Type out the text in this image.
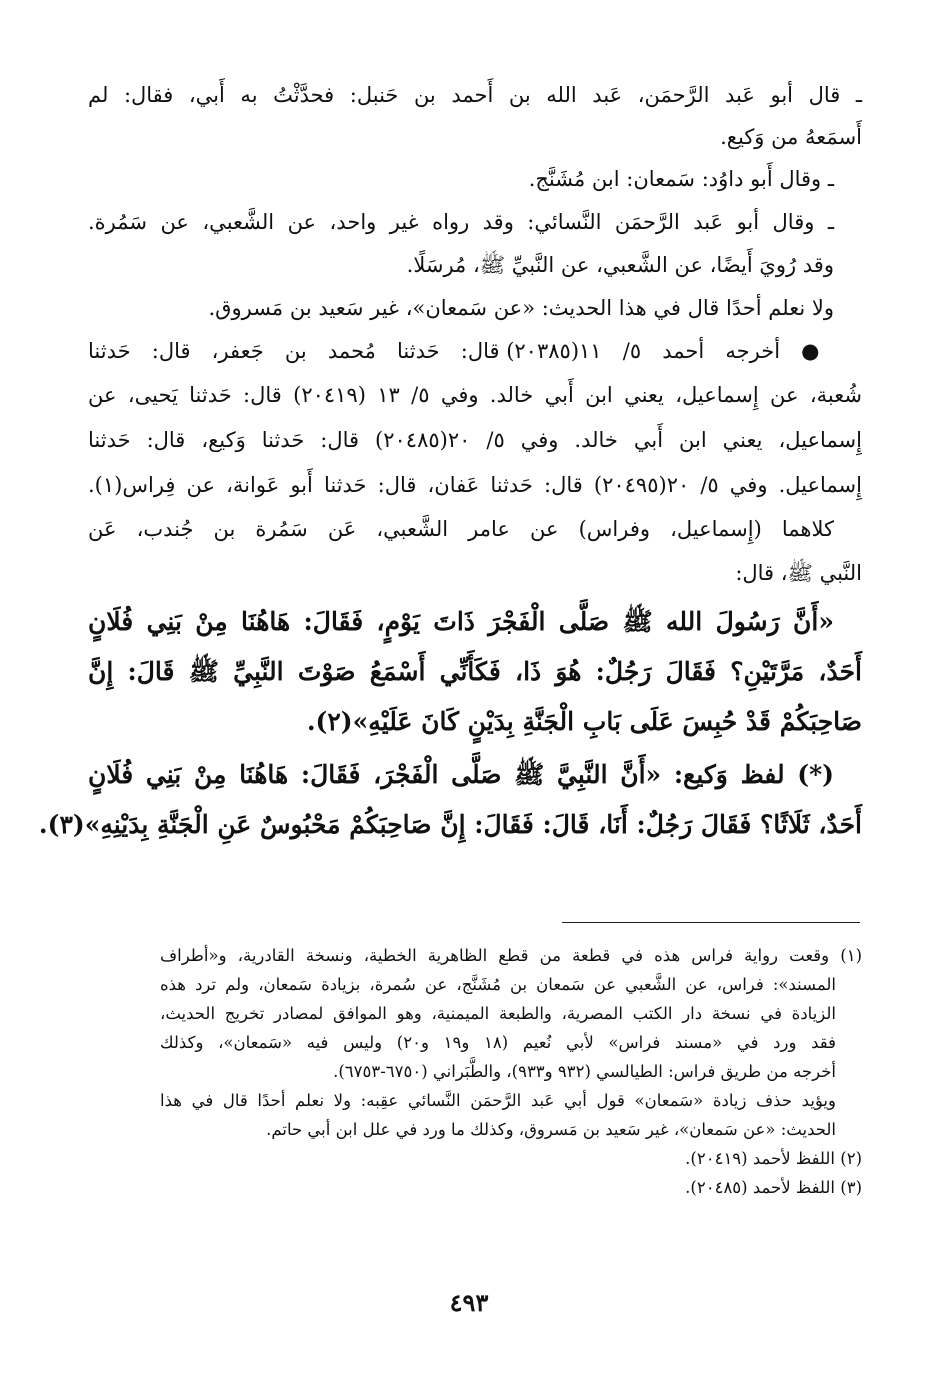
ـ قال أبو عَبد الرَّحمَن، عَبد الله بن أَحمد بن حَنبل: فحدَّثْتُ به أَبي، فقال: لم
أَسمَعهُ من وَكيع.
ـ وقال أَبو داوُد: سَمعان: ابن مُشَنَّج.
ـ وقال أبو عَبد الرَّحمَن النَّسائي: وقد رواه غير واحد، عن الشَّعبي، عن سَمُرة.
وقد رُويَ أَيضًا، عن الشَّعبي، عن النَّبيِّ ﷺ، مُرسَلًا.
ولا نعلم أحدًا قال في هذا الحديث: «عن سَمعان»، غير سَعيد بن مَسروق.
● أخرجه أحمد ٥/ ١١(٢٠٣٨٥) قال: حَدثنا مُحمد بن جَعفر، قال: حَدثنا
شُعبة، عن إِسماعيل، يعني ابن أَبي خالد. وفي ٥/ ١٣ (٢٠٤١٩) قال: حَدثنا يَحيى، عن
إِسماعيل، يعني ابن أَبي خالد. وفي ٥/ ٢٠(٢٠٤٨٥) قال: حَدثنا وَكيع، قال: حَدثنا
إِسماعيل. وفي ٥/ ٢٠(٢٠٤٩٥) قال: حَدثنا عَفان، قال: حَدثنا أَبو عَوانة، عن فِراس(١).
كلاهما (إِسماعيل، وفراس) عن عامر الشَّعبي، عَن سَمُرة بن جُندب، عَن
النَّبي ﷺ، قال:
«أَنَّ رَسُولَ الله ﷺ صَلَّى الْفَجْرَ ذَاتَ يَوْمٍ، فَقَالَ: هَاهُنَا مِنْ بَنِي فُلَانٍ
أَحَدٌ، مَرَّتَيْنِ؟ فَقَالَ رَجُلٌ: هُوَ ذَا، فَكَأَنِّي أَسْمَعُ صَوْتَ النَّبِيِّ ﷺ قَالَ: إِنَّ
صَاحِبَكُمْ قَدْ حُبِسَ عَلَى بَابِ الْجَنَّةِ بِدَيْنٍ كَانَ عَلَيْهِ»(٢).
(*) لفظ وَكيع: «أَنَّ النَّبِيَّ ﷺ صَلَّى الْفَجْرَ، فَقَالَ: هَاهُنَا مِنْ بَنِي فُلَانٍ
أَحَدٌ، ثَلَاثًا؟ فَقَالَ رَجُلٌ: أَنَا، قَالَ: فَقَالَ: إِنَّ صَاحِبَكُمْ مَحْبُوسٌ عَنِ الْجَنَّةِ بِدَيْنِهِ»(٣).
(١) وقعت رواية فراس هذه في قطعة من قطع الظاهرية الخطية، ونسخة القادرية، و«أطراف
المسند»: فراس، عن الشَّعبي عن سَمعان بن مُشَنَّج، عن سُمرة، بزيادة سَمعان، ولم ترد هذه
الزيادة في نسخة دار الكتب المصرية، والطبعة الميمنية، وهو الموافق لمصادر تخريج الحديث،
فقد ورد في «مسند فراس» لأبي نُعيم (١٨ و١٩ و٢٠) وليس فيه «سَمعان»، وكذلك
أخرجه من طريق فراس: الطيالسي (٩٣٢ و٩٣٣)، والطَّبَراني (٦٧٥٠-٦٧٥٣).
ويؤيد حذف زيادة «سَمعان» قول أبي عَبد الرَّحمَن النَّسائي عقِبه: ولا نعلم أحدًا قال في هذا
الحديث: «عن سَمعان»، غير سَعيد بن مَسروق، وكذلك ما ورد في علل ابن أبي حاتم.
(٢) اللفظ لأحمد (٢٠٤١٩).
(٣) اللفظ لأحمد (٢٠٤٨٥).
٤٩٣
